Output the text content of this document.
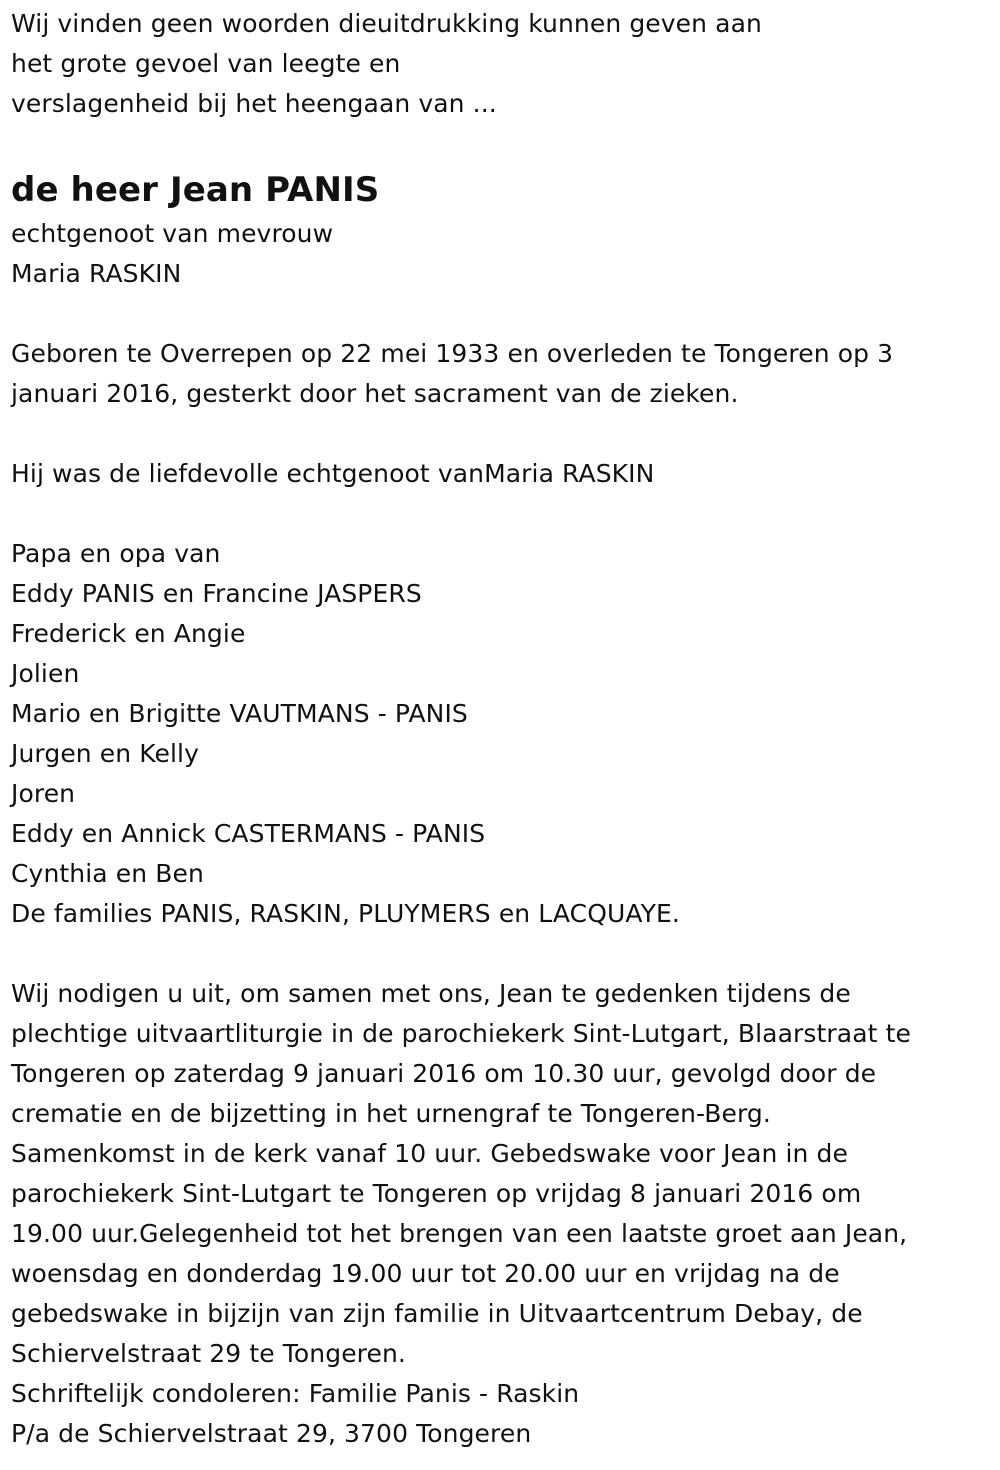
Wij vinden geen woorden dieuitdrukking kunnen geven aan
het grote gevoel van leegte en
verslagenheid bij het heengaan van ...
de heer Jean PANIS
echtgenoot van mevrouw
Maria RASKIN
Geboren te Overrepen op 22 mei 1933 en overleden te Tongeren op 3
januari 2016, gesterkt door het sacrament van de zieken.
Hij was de liefdevolle echtgenoot vanMaria RASKIN
Papa en opa van
Eddy PANIS en Francine JASPERS
Frederick en Angie
Jolien
Mario en Brigitte VAUTMANS - PANIS
Jurgen en Kelly
Joren
Eddy en Annick CASTERMANS - PANIS
Cynthia en Ben
De families PANIS, RASKIN, PLUYMERS en LACQUAYE.
Wij nodigen u uit, om samen met ons, Jean te gedenken tijdens de
plechtige uitvaartliturgie in de parochiekerk Sint-Lutgart, Blaarstraat te
Tongeren op zaterdag 9 januari 2016 om 10.30 uur, gevolgd door de
crematie en de bijzetting in het urnengraf te Tongeren-Berg.
Samenkomst in de kerk vanaf 10 uur. Gebedswake voor Jean in de
parochiekerk Sint-Lutgart te Tongeren op vrijdag 8 januari 2016 om
19.00 uur.Gelegenheid tot het brengen van een laatste groet aan Jean,
woensdag en donderdag 19.00 uur tot 20.00 uur en vrijdag na de
gebedswake in bijzijn van zijn familie in Uitvaartcentrum Debay, de
Schiervelstraat 29 te Tongeren.
Schriftelijk condoleren: Familie Panis - Raskin
P/a de Schiervelstraat 29, 3700 Tongeren
